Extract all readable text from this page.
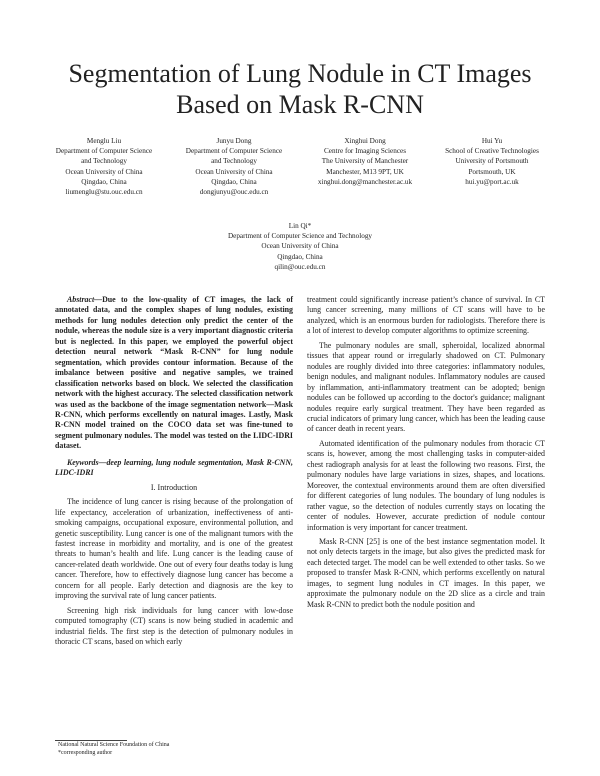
Segmentation of Lung Nodule in CT Images Based on Mask R-CNN
Menglu Liu
Department of Computer Science
and Technology
Ocean University of China
Qingdao, China
liumenglu@stu.ouc.edu.cn
Junyu Dong
Department of Computer Science
and Technology
Ocean University of China
Qingdao, China
dongjunyu@ouc.edu.cn
Xinghui Dong
Centre for Imaging Sciences
The University of Manchester
Manchester, M13 9PT, UK
xinghui.dong@manchester.ac.uk
Hui Yu
School of Creative Technologies
University of Portsmouth
Portsmouth, UK
hui.yu@port.ac.uk
Lin Qi*
Department of Computer Science and Technology
Ocean University of China
Qingdao, China
qilin@ouc.edu.cn

Abstract—Due to the low-quality of CT images, the lack of annotated data, and the complex shapes of lung nodules, existing methods for lung nodules detection only predict the center of the nodule, whereas the nodule size is a very important diagnostic criteria but is neglected. In this paper, we employed the powerful object detection neural network “Mask R-CNN” for lung nodule segmentation, which provides contour information. Because of the imbalance between positive and negative samples, we trained classification networks based on block. We selected the classification network with the highest accuracy. The selected classification network was used as the backbone of the image segmentation network—Mask R-CNN, which performs excellently on natural images. Lastly, Mask R-CNN model trained on the COCO data set was fine-tuned to segment pulmonary nodules. The model was tested on the LIDC-IDRI dataset.

Keywords—deep learning, lung nodule segmentation, Mask R-CNN, LIDC-IDRI

I. Introduction

The incidence of lung cancer is rising because of the prolongation of life expectancy, acceleration of urbanization, ineffectiveness of anti-smoking campaigns, occupational exposure, environmental pollution, and genetic susceptibility. Lung cancer is one of the malignant tumors with the fastest increase in morbidity and mortality, and is one of the greatest threats to human’s health and life. Lung cancer is the leading cause of cancer-related death worldwide. One out of every four deaths today is lung cancer. Therefore, how to effectively diagnose lung cancer has become a concern for all people. Early detection and diagnosis are the key to improving the survival rate of lung cancer patients.

Screening high risk individuals for lung cancer with low-dose computed tomography (CT) scans is now being studied in academic and industrial fields. The first step is the detection of pulmonary nodules in thoracic CT scans, based on which early

treatment could significantly increase patient’s chance of survival. In CT lung cancer screening, many millions of CT scans will have to be analyzed, which is an enormous burden for radiologists. Therefore there is a lot of interest to develop computer algorithms to optimize screening.

The pulmonary nodules are small, spheroidal, localized abnormal tissues that appear round or irregularly shadowed on CT. Pulmonary nodules are roughly divided into three categories: inflammatory nodules, benign nodules, and malignant nodules. Inflammatory nodules are caused by inflammation, anti-inflammatory treatment can be adopted; benign nodules can be followed up according to the doctor's guidance; malignant nodules require early surgical treatment. They have been regarded as crucial indicators of primary lung cancer, which has been the leading cause of cancer death in recent years.

Automated identification of the pulmonary nodules from thoracic CT scans is, however, among the most challenging tasks in computer-aided chest radiograph analysis for at least the following two reasons. First, the pulmonary nodules have large variations in sizes, shapes, and locations. Moreover, the contextual environments around them are often diversified for different categories of lung nodules. The boundary of lung nodules is rather vague, so the detection of nodules currently stays on locating the center of nodules. However, accurate prediction of nodule contour information is very important for cancer treatment.

Mask R-CNN [25] is one of the best instance segmentation model. It not only detects targets in the image, but also gives the predicted mask for each detected target. The model can be well extended to other tasks. So we proposed to transfer Mask R-CNN, which performs excellently on natural images, to segment lung nodules in CT images. In this paper, we approximate the pulmonary nodule on the 2D slice as a circle and train Mask R-CNN to predict both the nodule position and

National Natural Science Foundation of China
*corresponding author
